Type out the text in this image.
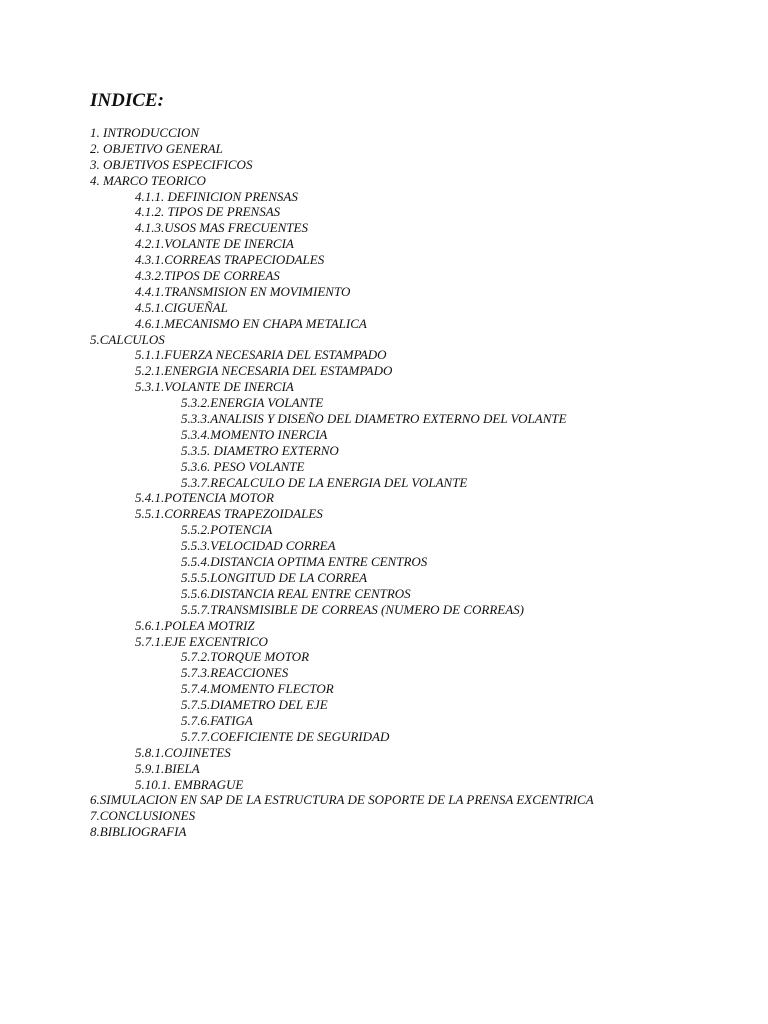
INDICE:
1. INTRODUCCION
2. OBJETIVO GENERAL
3. OBJETIVOS ESPECIFICOS
4. MARCO TEORICO
4.1.1. DEFINICION PRENSAS
4.1.2. TIPOS DE PRENSAS
4.1.3.USOS MAS FRECUENTES
4.2.1.VOLANTE DE INERCIA
4.3.1.CORREAS TRAPECIODALES
4.3.2.TIPOS DE CORREAS
4.4.1.TRANSMISION EN MOVIMIENTO
4.5.1.CIGUEÑAL
4.6.1.MECANISMO EN CHAPA METALICA
5.CALCULOS
5.1.1.FUERZA NECESARIA DEL ESTAMPADO
5.2.1.ENERGIA NECESARIA DEL ESTAMPADO
5.3.1.VOLANTE DE INERCIA
5.3.2.ENERGIA VOLANTE
5.3.3.ANALISIS Y DISEÑO DEL DIAMETRO EXTERNO DEL VOLANTE
5.3.4.MOMENTO INERCIA
5.3.5. DIAMETRO EXTERNO
5.3.6. PESO VOLANTE
5.3.7.RECALCULO DE LA ENERGIA DEL VOLANTE
5.4.1.POTENCIA MOTOR
5.5.1.CORREAS TRAPEZOIDALES
5.5.2.POTENCIA
5.5.3.VELOCIDAD CORREA
5.5.4.DISTANCIA OPTIMA ENTRE CENTROS
5.5.5.LONGITUD DE LA CORREA
5.5.6.DISTANCIA REAL ENTRE CENTROS
5.5.7.TRANSMISIBLE DE CORREAS (NUMERO DE CORREAS)
5.6.1.POLEA MOTRIZ
5.7.1.EJE EXCENTRICO
5.7.2.TORQUE MOTOR
5.7.3.REACCIONES
5.7.4.MOMENTO FLECTOR
5.7.5.DIAMETRO DEL EJE
5.7.6.FATIGA
5.7.7.COEFICIENTE DE SEGURIDAD
5.8.1.COJINETES
5.9.1.BIELA
5.10.1. EMBRAGUE
6.SIMULACION EN SAP DE LA ESTRUCTURA DE SOPORTE DE LA PRENSA EXCENTRICA
7.CONCLUSIONES
8.BIBLIOGRAFIA
